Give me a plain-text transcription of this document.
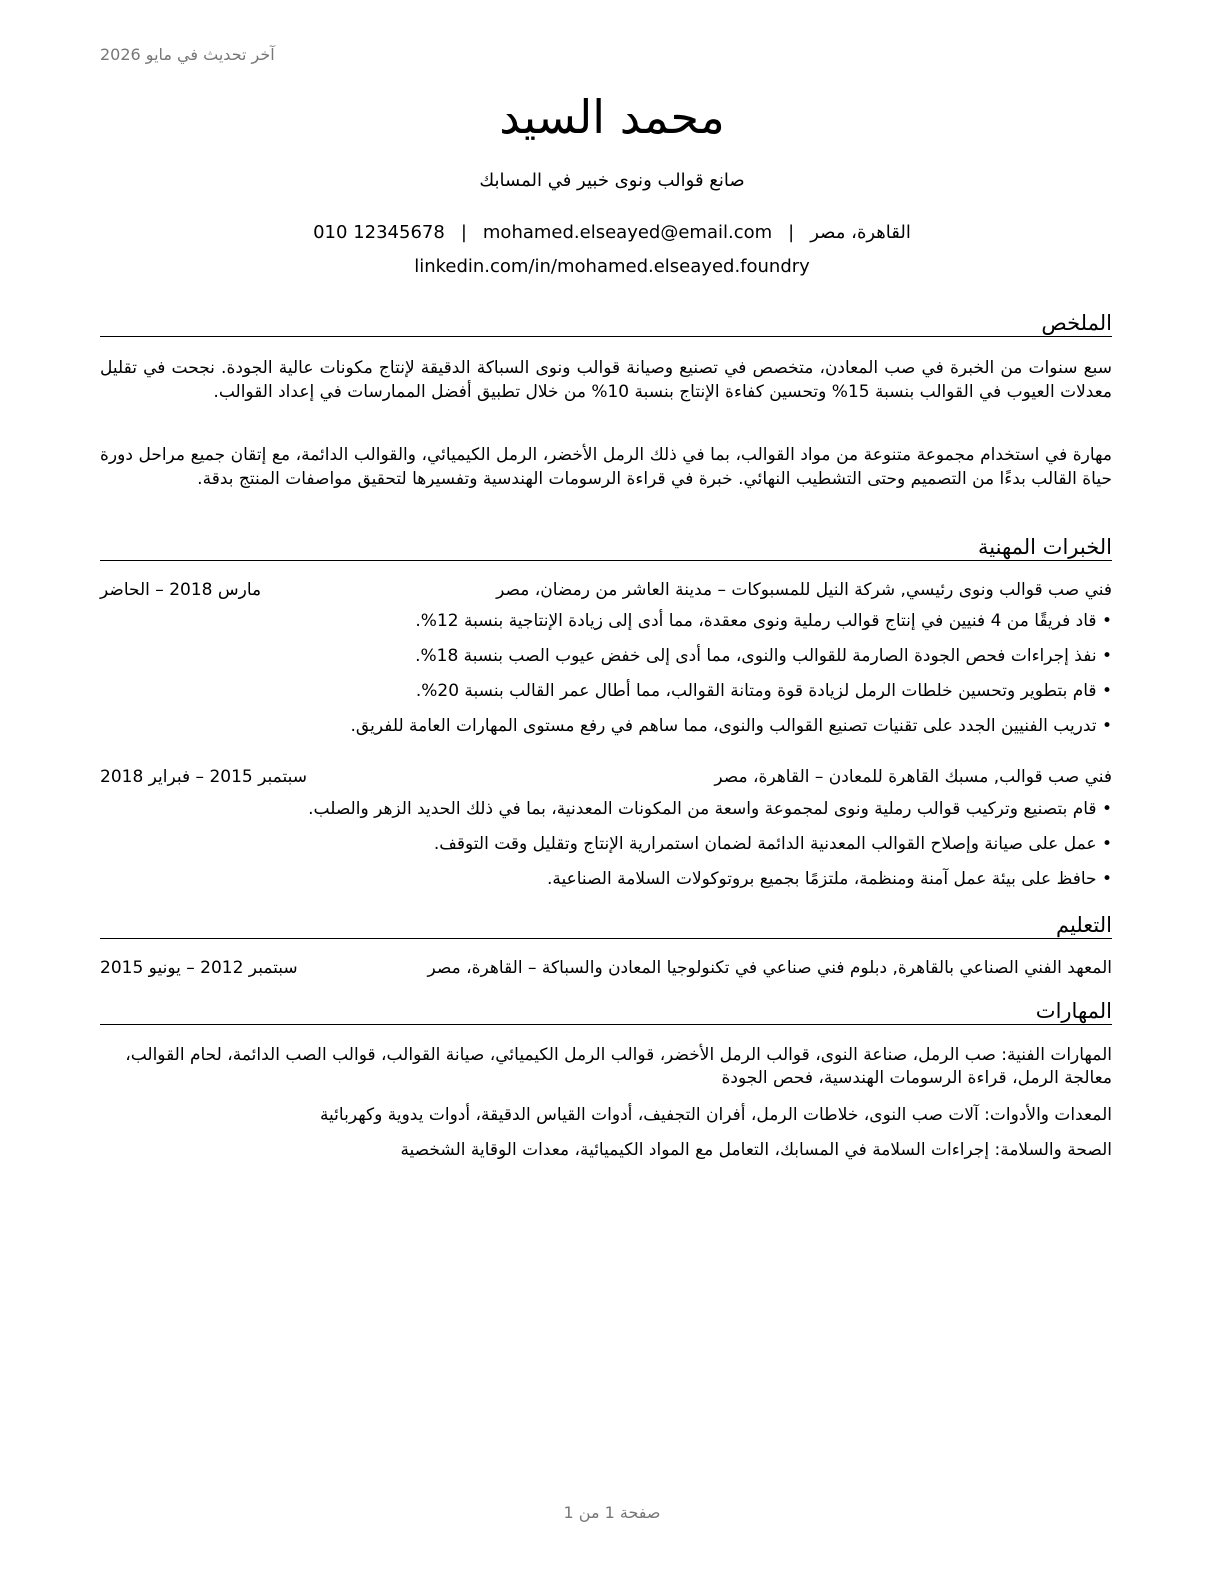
آخر تحديث في مايو 2026
محمد السيد
صانع قوالب ونوى خبير في المسابك
القاهرة، مصر|mohamed.elseayed@email.com|010 12345678
linkedin.com/in/mohamed.elseayed.foundry
الملخص
سبع سنوات من الخبرة في صب المعادن، متخصص في تصنيع وصيانة قوالب ونوى السباكة الدقيقة لإنتاج مكونات عالية الجودة. نجحت في تقليل معدلات العيوب في القوالب بنسبة 15% وتحسين كفاءة الإنتاج بنسبة 10% من خلال تطبيق أفضل الممارسات في إعداد القوالب.
مهارة في استخدام مجموعة متنوعة من مواد القوالب، بما في ذلك الرمل الأخضر، الرمل الكيميائي، والقوالب الدائمة، مع إتقان جميع مراحل دورة حياة القالب بدءًا من التصميم وحتى التشطيب النهائي. خبرة في قراءة الرسومات الهندسية وتفسيرها لتحقيق مواصفات المنتج بدقة.
الخبرات المهنية
فني صب قوالب ونوى رئيسي, شركة النيل للمسبوكات – مدينة العاشر من رمضان، مصر
مارس 2018 – الحاضر
• قاد فريقًا من 4 فنيين في إنتاج قوالب رملية ونوى معقدة، مما أدى إلى زيادة الإنتاجية بنسبة 12%.
• نفذ إجراءات فحص الجودة الصارمة للقوالب والنوى، مما أدى إلى خفض عيوب الصب بنسبة 18%.
• قام بتطوير وتحسين خلطات الرمل لزيادة قوة ومتانة القوالب، مما أطال عمر القالب بنسبة 20%.
• تدريب الفنيين الجدد على تقنيات تصنيع القوالب والنوى، مما ساهم في رفع مستوى المهارات العامة للفريق.
فني صب قوالب, مسبك القاهرة للمعادن – القاهرة، مصر
سبتمبر 2015 – فبراير 2018
• قام بتصنيع وتركيب قوالب رملية ونوى لمجموعة واسعة من المكونات المعدنية، بما في ذلك الحديد الزهر والصلب.
• عمل على صيانة وإصلاح القوالب المعدنية الدائمة لضمان استمرارية الإنتاج وتقليل وقت التوقف.
• حافظ على بيئة عمل آمنة ومنظمة، ملتزمًا بجميع بروتوكولات السلامة الصناعية.
التعليم
المعهد الفني الصناعي بالقاهرة, دبلوم فني صناعي في تكنولوجيا المعادن والسباكة – القاهرة، مصر
سبتمبر 2012 – يونيو 2015
المهارات
المهارات الفنية: صب الرمل، صناعة النوى، قوالب الرمل الأخضر، قوالب الرمل الكيميائي، صيانة القوالب، قوالب الصب الدائمة، لحام القوالب، معالجة الرمل، قراءة الرسومات الهندسية، فحص الجودة
المعدات والأدوات: آلات صب النوى، خلاطات الرمل، أفران التجفيف، أدوات القياس الدقيقة، أدوات يدوية وكهربائية
الصحة والسلامة: إجراءات السلامة في المسابك، التعامل مع المواد الكيميائية، معدات الوقاية الشخصية
صفحة 1 من 1
